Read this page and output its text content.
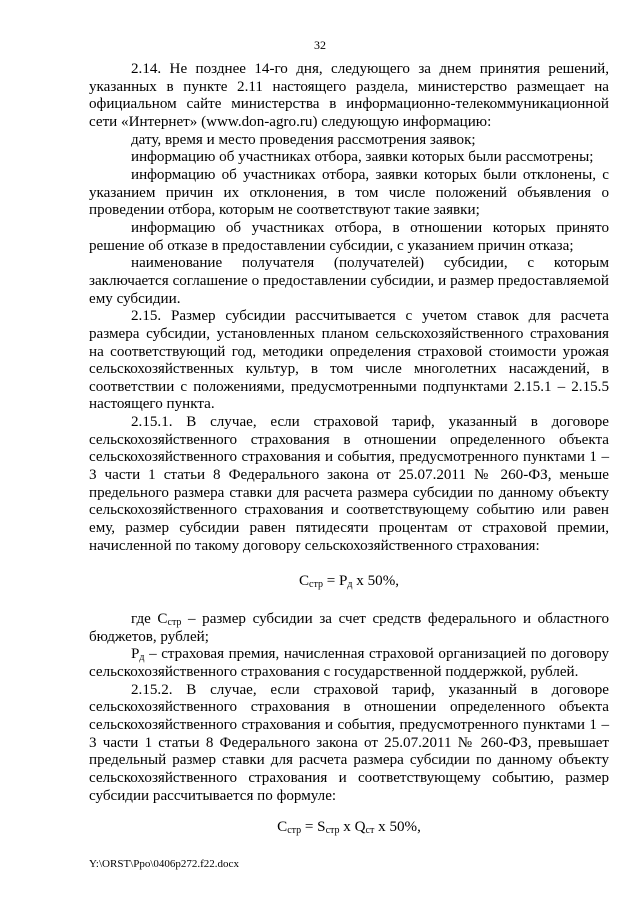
32

2.14. Не позднее 14-го дня, следующего за днем принятия решений, указанных в пункте 2.11 настоящего раздела, министерство размещает на официальном сайте министерства в информационно-телекоммуникационной сети «Интернет» (www.don-agro.ru) следующую информацию:

дату, время и место проведения рассмотрения заявок;

информацию об участниках отбора, заявки которых были рассмотрены;

информацию об участниках отбора, заявки которых были отклонены, с указанием причин их отклонения, в том числе положений объявления о проведении отбора, которым не соответствуют такие заявки;

информацию об участниках отбора, в отношении которых принято решение об отказе в предоставлении субсидии, с указанием причин отказа;

наименование получателя (получателей) субсидии, с которым заключается соглашение о предоставлении субсидии, и размер предоставляемой ему субсидии.

2.15. Размер субсидии рассчитывается с учетом ставок для расчета размера субсидии, установленных планом сельскохозяйственного страхования на соответствующий год, методики определения страховой стоимости урожая сельскохозяйственных культур, в том числе многолетних насаждений, в соответствии с положениями, предусмотренными подпунктами 2.15.1 – 2.15.5 настоящего пункта.

2.15.1. В случае, если страховой тариф, указанный в договоре сельскохозяйственного страхования в отношении определенного объекта сельскохозяйственного страхования и события, предусмотренного пунктами 1 – 3 части 1 статьи 8 Федерального закона от 25.07.2011 № 260-ФЗ, меньше предельного размера ставки для расчета размера субсидии по данному объекту сельскохозяйственного страхования и соответствующему событию или равен ему, размер субсидии равен пятидесяти процентам от страховой премии, начисленной по такому договору сельскохозяйственного страхования:

$С_{стр} = Р_д$ х 50%,

где $С_{стр}$ – размер субсидии за счет средств федерального и областного бюджетов, рублей;

$Р_д$ – страховая премия, начисленная страховой организацией по договору сельскохозяйственного страхования с государственной поддержкой, рублей.

2.15.2. В случае, если страховой тариф, указанный в договоре сельскохозяйственного страхования в отношении определенного объекта сельскохозяйственного страхования и события, предусмотренного пунктами 1 –3 части 1 статьи 8 Федерального закона от 25.07.2011 № 260-ФЗ, превышает предельный размер ставки для расчета размера субсидии по данному объекту сельскохозяйственного страхования и соответствующему событию, размер субсидии рассчитывается по формуле:

$С_{стр} = S_{стр}$ х $Q_{ст}$ х 50%,

Y:\ORST\Ppo\0406p272.f22.docx
